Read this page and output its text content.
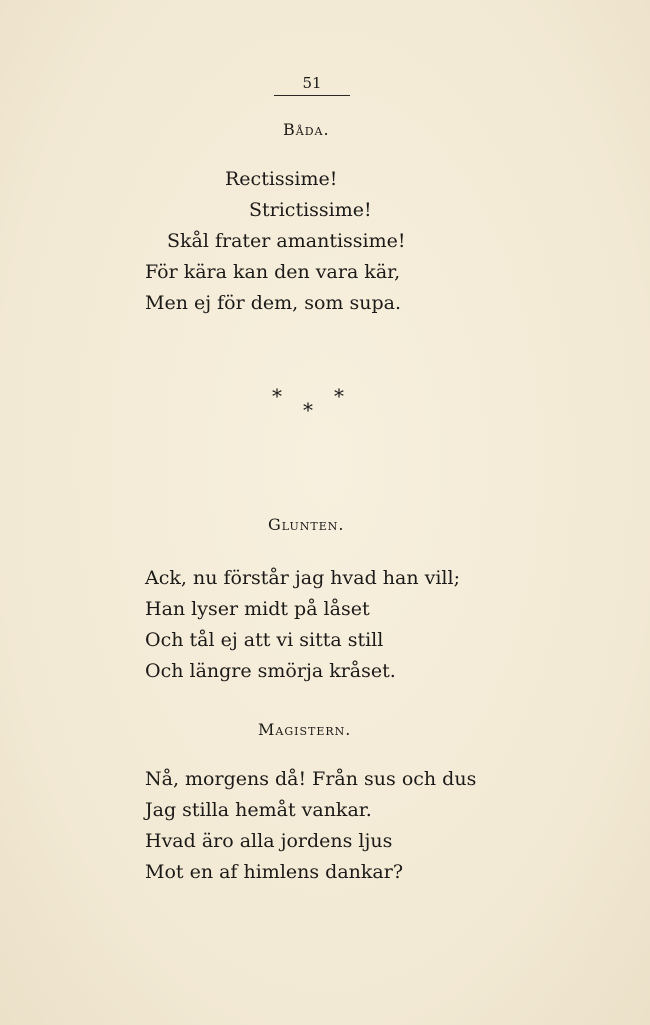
51
Båda.
Rectissime!
Strictissime!
Skål frater amantissime!
För kära kan den vara kär,
Men ej för dem, som supa.
*	*
*
Glunten.
Ack, nu förstår jag hvad han vill;
Han lyser midt på låset
Och tål ej att vi sitta still
Och längre smörja kråset.
Magistern.
Nå, morgens då! Från sus och dus
Jag stilla hemåt vankar.
Hvad äro alla jordens ljus
Mot en af himlens dankar?
